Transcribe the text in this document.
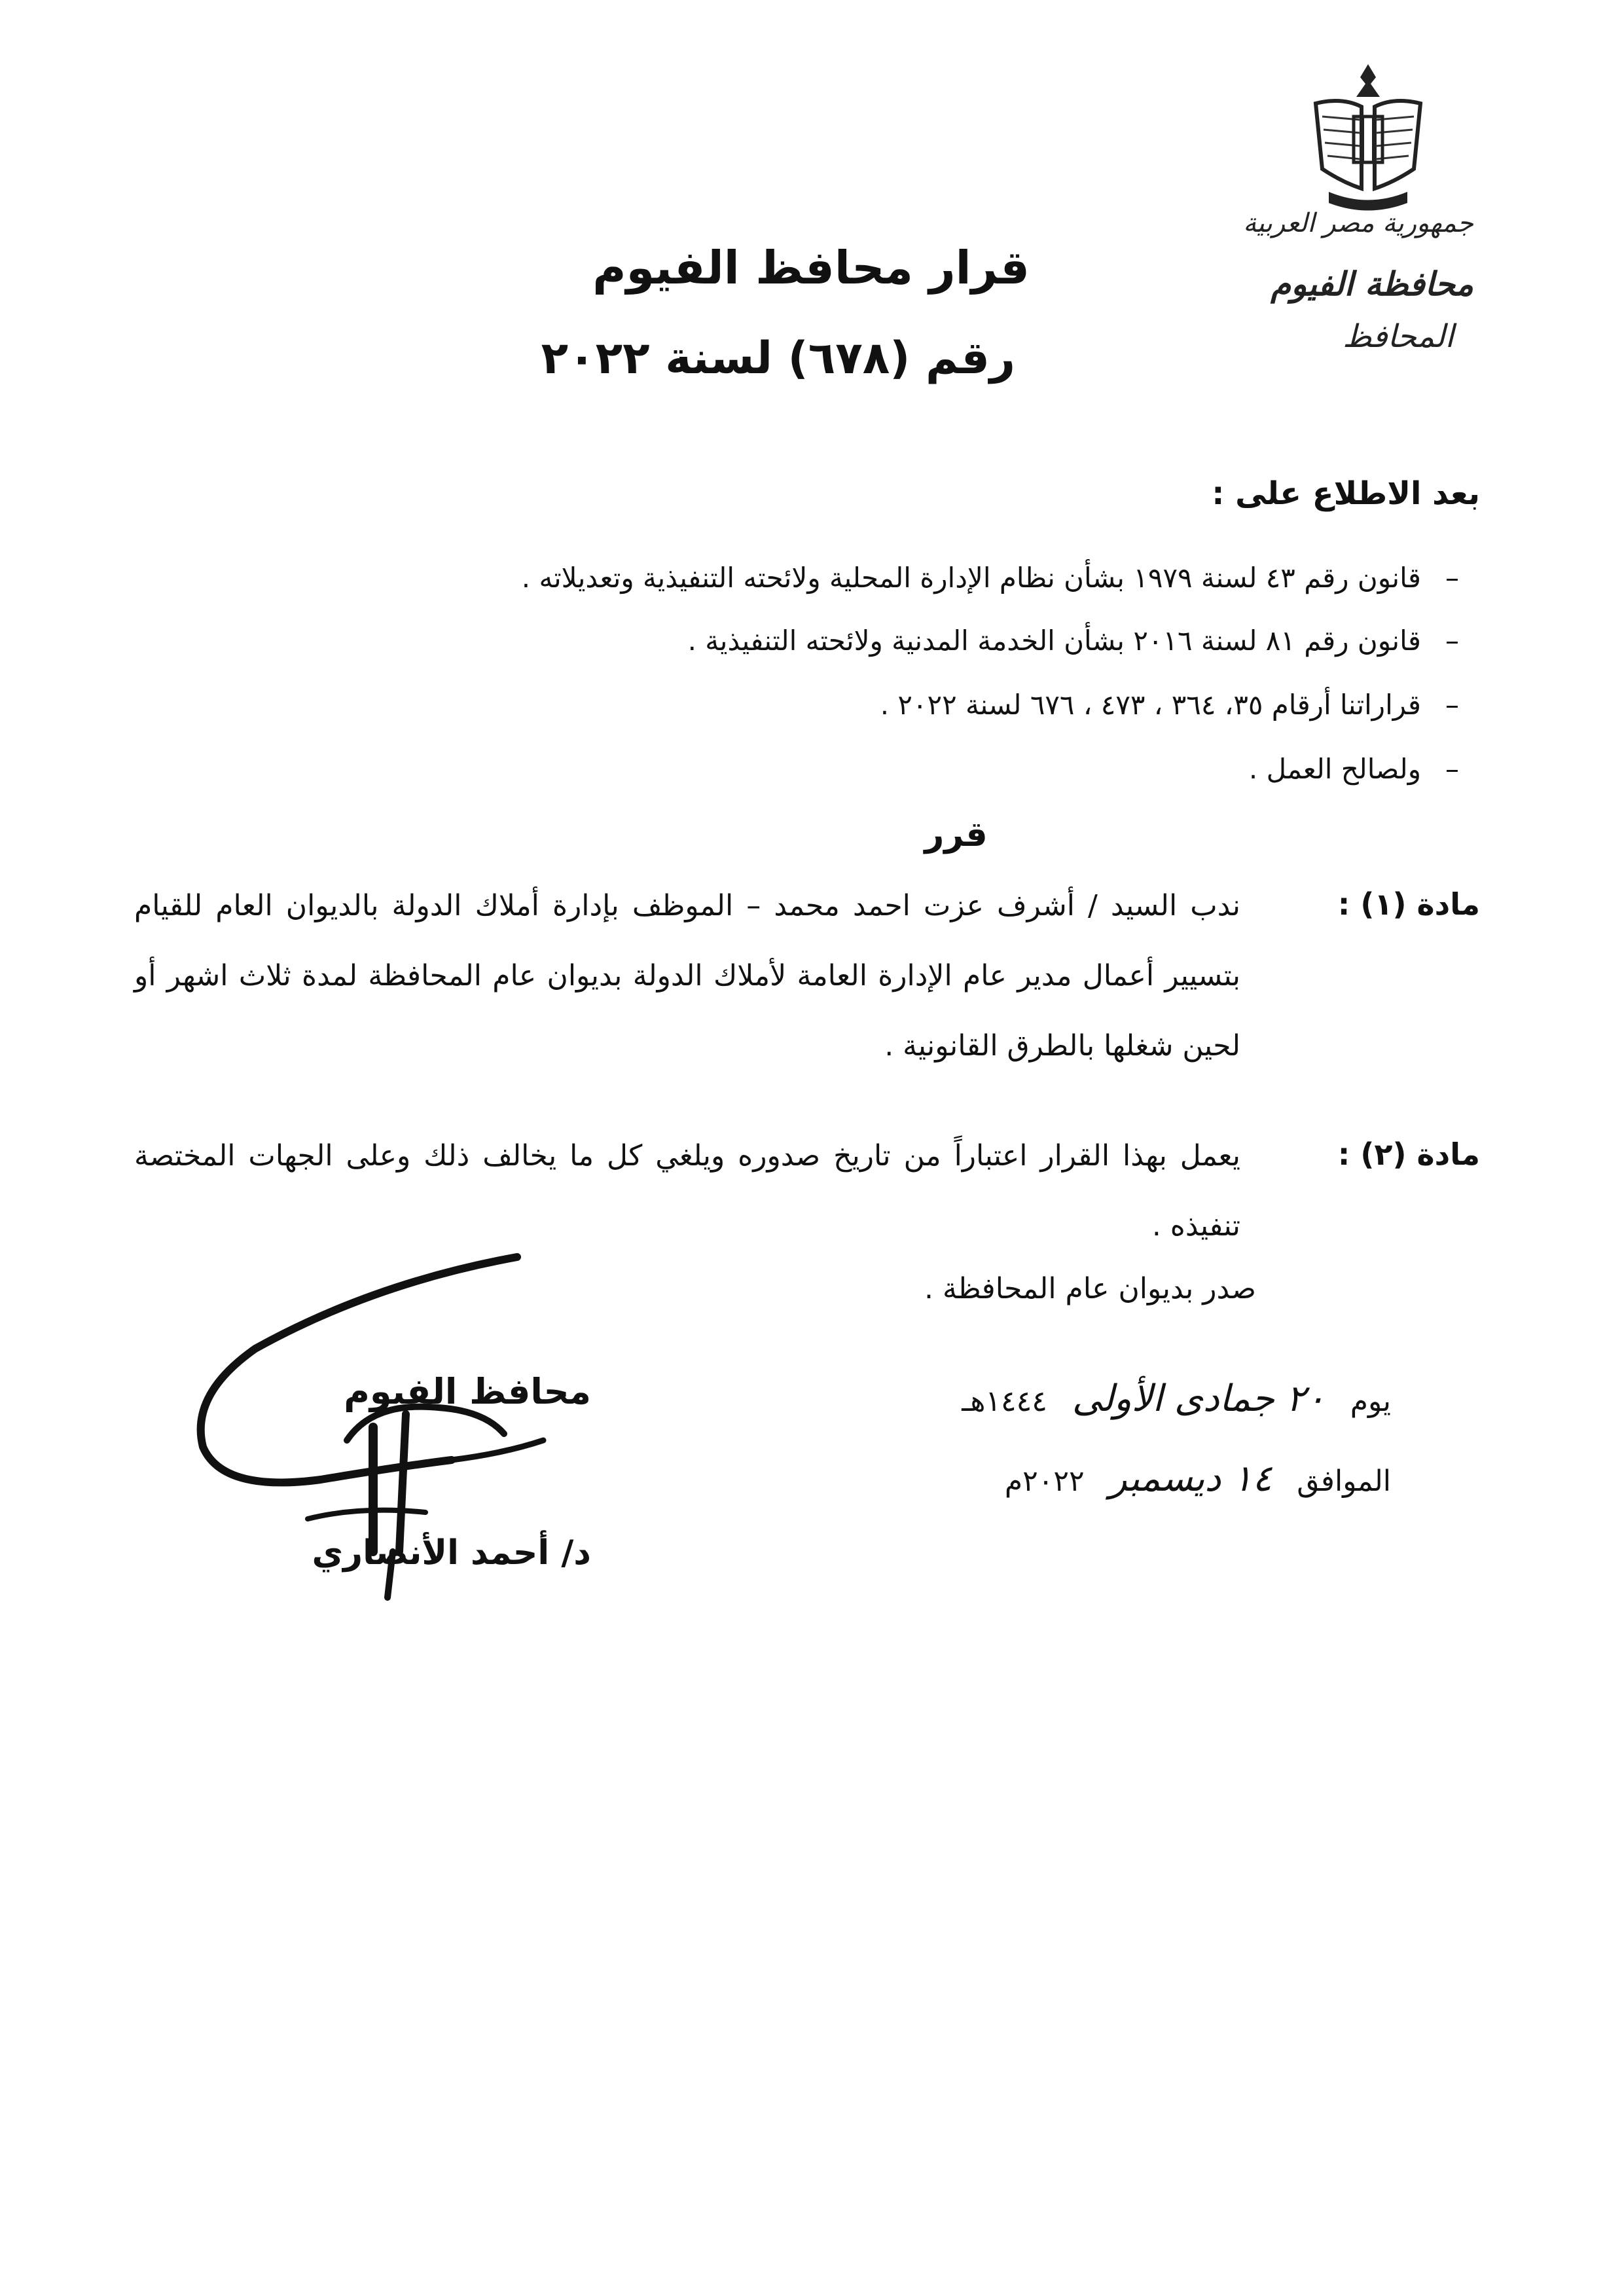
جمهورية مصر العربية
محافظة الفيوم
المحافظ
قرار محافظ الفيوم
رقم (٦٧٨) لسنة ٢٠٢٢
بعد الاطلاع على :
–
قانون رقم ٤٣ لسنة ١٩٧٩ بشأن نظام الإدارة المحلية ولائحته التنفيذية وتعديلاته .
–
قانون رقم ٨١ لسنة ٢٠١٦ بشأن الخدمة المدنية ولائحته التنفيذية .
–
قراراتنا أرقام ٣٥، ٣٦٤ ، ٤٧٣ ، ٦٧٦ لسنة ٢٠٢٢ .
–
ولصالح العمل .
قرر
مادة (١) :
ندب السيد / أشرف عزت احمد محمد – الموظف بإدارة أملاك الدولة بالديوان العام للقيام بتسيير أعمال مدير عام الإدارة العامة لأملاك الدولة بديوان عام المحافظة لمدة ثلاث اشهر أو لحين شغلها بالطرق القانونية .
مادة (٢) :
يعمل بهذا القرار اعتباراً من تاريخ صدوره ويلغي كل ما يخالف ذلك وعلى الجهات المختصة تنفيذه .
صدر بديوان عام المحافظة .
يوم ٢٠ جمادى الأولى ١٤٤٤هـ
الموافق ١٤ ديسمبر ٢٠٢٢م
محافظ الفيوم
د/ أحمد الأنصاري
